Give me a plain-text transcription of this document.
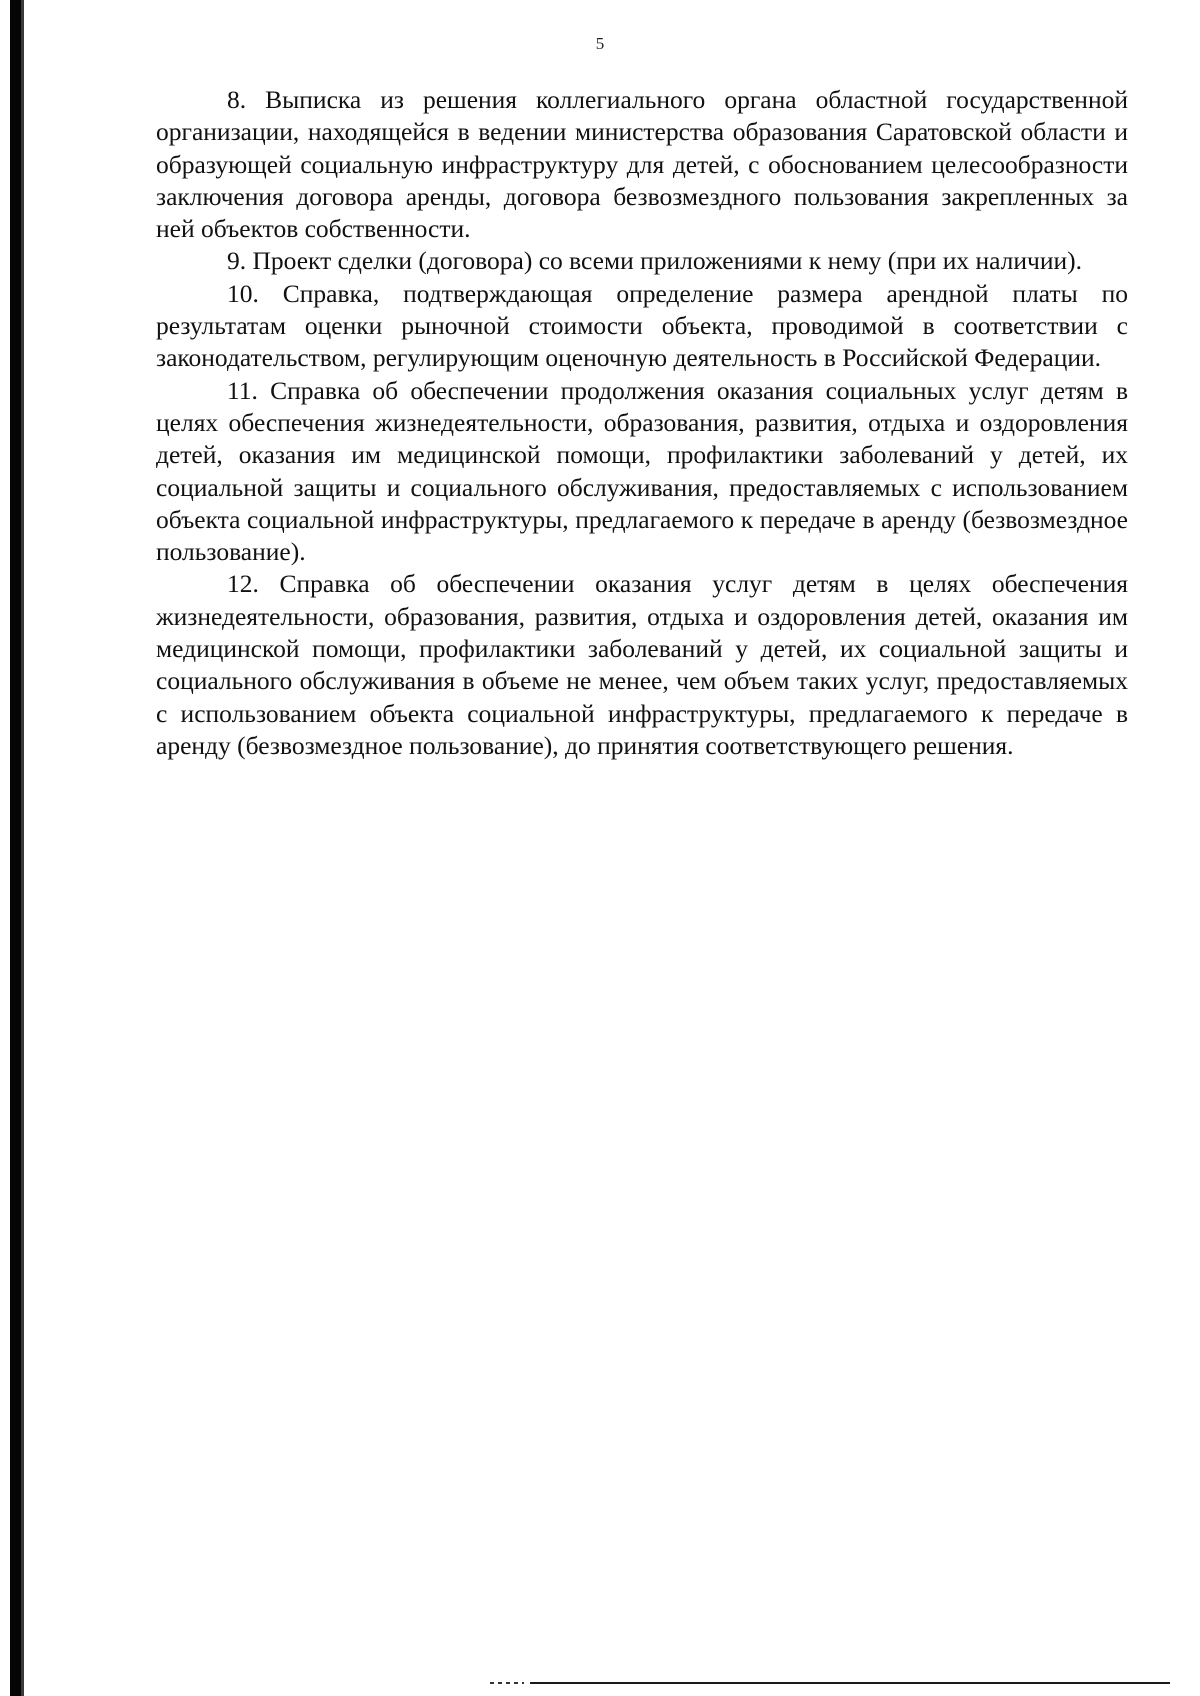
5

8. Выписка из решения коллегиального органа областной государственной организации, находящейся в ведении министерства образования Саратовской области и образующей социальную инфраструктуру для детей, с обоснованием целесообразности заключения договора аренды, договора безвозмездного пользования закрепленных за ней объектов собственности.

9. Проект сделки (договора) со всеми приложениями к нему (при их наличии).

10. Справка, подтверждающая определение размера арендной платы по результатам оценки рыночной стоимости объекта, проводимой в соответствии с законодательством, регулирующим оценочную деятельность в Российской Федерации.

11. Справка об обеспечении продолжения оказания социальных услуг детям в целях обеспечения жизнедеятельности, образования, развития, отдыха и оздоровления детей, оказания им медицинской помощи, профилактики заболеваний у детей, их социальной защиты и социального обслуживания, предоставляемых с использованием объекта социальной инфраструктуры, предлагаемого к передаче в аренду (безвозмездное пользование).

12. Справка об обеспечении оказания услуг детям в целях обеспечения жизнедеятельности, образования, развития, отдыха и оздоровления детей, оказания им медицинской помощи, профилактики заболеваний у детей, их социальной защиты и социального обслуживания в объеме не менее, чем объем таких услуг, предоставляемых с использованием объекта социальной инфраструктуры, предлагаемого к передаче в аренду (безвозмездное пользование), до принятия соответствующего решения.
